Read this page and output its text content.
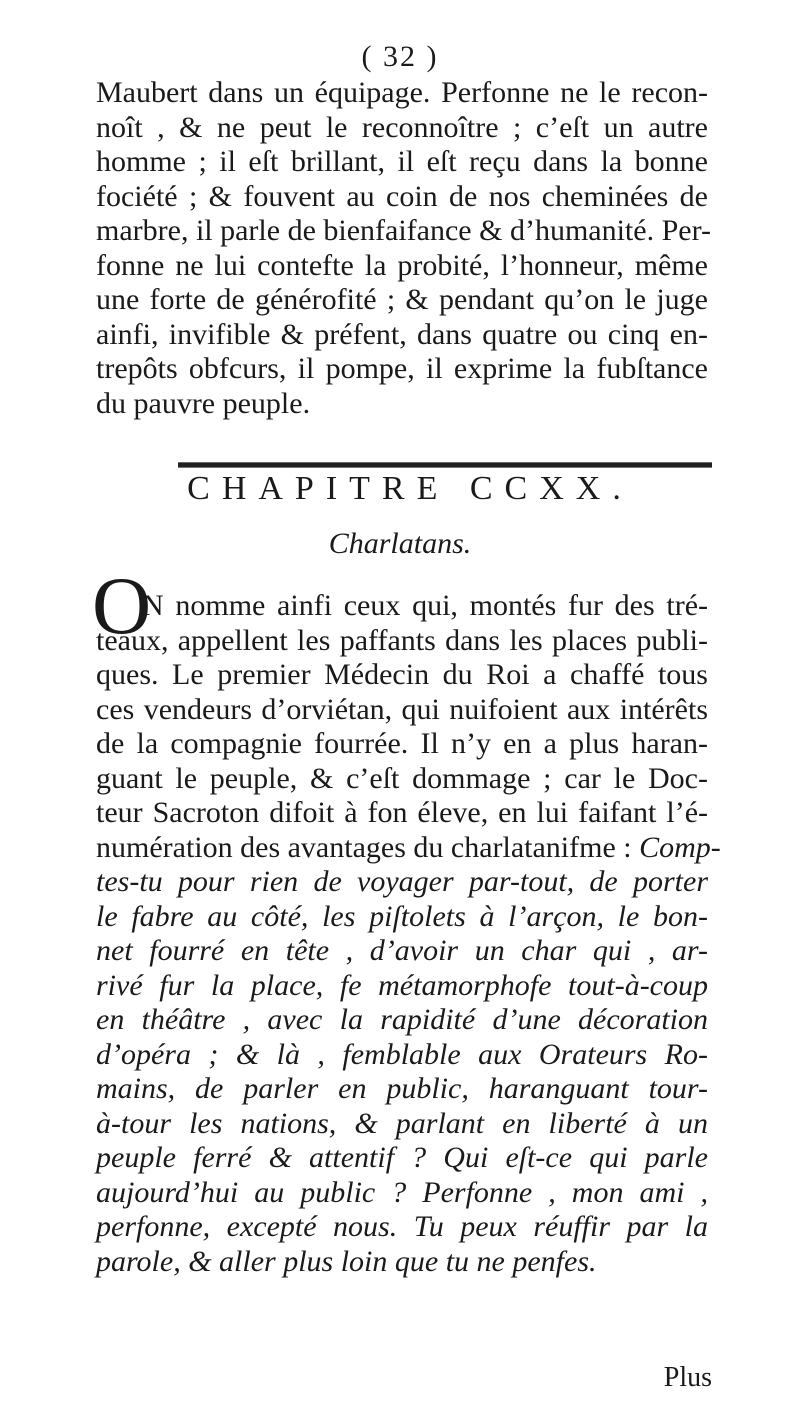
( 32 )
Maubert dans un équipage. Perfonne ne le recon-
noît , & ne peut le reconnoître ; c’eſt un autre
homme ; il eſt brillant, il eſt reçu dans la bonne
fociété ; & fouvent au coin de nos cheminées de
marbre, il parle de bienfaifance & d’humanité. Per-
fonne ne lui contefte la probité, l’honneur, même
une forte de générofité ; & pendant qu’on le juge
ainfi, invifible & préfent, dans quatre ou cinq en-
trepôts obfcurs, il pompe, il exprime la fubſtance
du pauvre peuple.
CHAPITRE CCXX.
Charlatans.
O
N nomme ainfi ceux qui, montés fur des tré-
teaux, appellent les paffants dans les places publi-
ques. Le premier Médecin du Roi a chaffé tous
ces vendeurs d’orviétan, qui nuifoient aux intérêts
de la compagnie fourrée. Il n’y en a plus haran-
guant le peuple, & c’eſt dommage ; car le Doc-
teur Sacroton difoit à fon éleve, en lui faifant l’é-
numération des avantages du charlatanifme : Comp-
tes-tu pour rien de voyager par-tout, de porter
le fabre au côté, les piſtolets à l’arçon, le bon-
net fourré en tête , d’avoir un char qui , ar-
rivé fur la place, fe métamorphofe tout-à-coup
en théâtre , avec la rapidité d’une décoration
d’opéra ; & là , femblable aux Orateurs Ro-
mains, de parler en public, haranguant tour-
à-tour les nations, & parlant en liberté à un
peuple ferré & attentif ? Qui eſt-ce qui parle
aujourd’hui au public ? Perfonne , mon ami ,
perfonne, excepté nous. Tu peux réuffir par la
parole, & aller plus loin que tu ne penfes.
Plus
